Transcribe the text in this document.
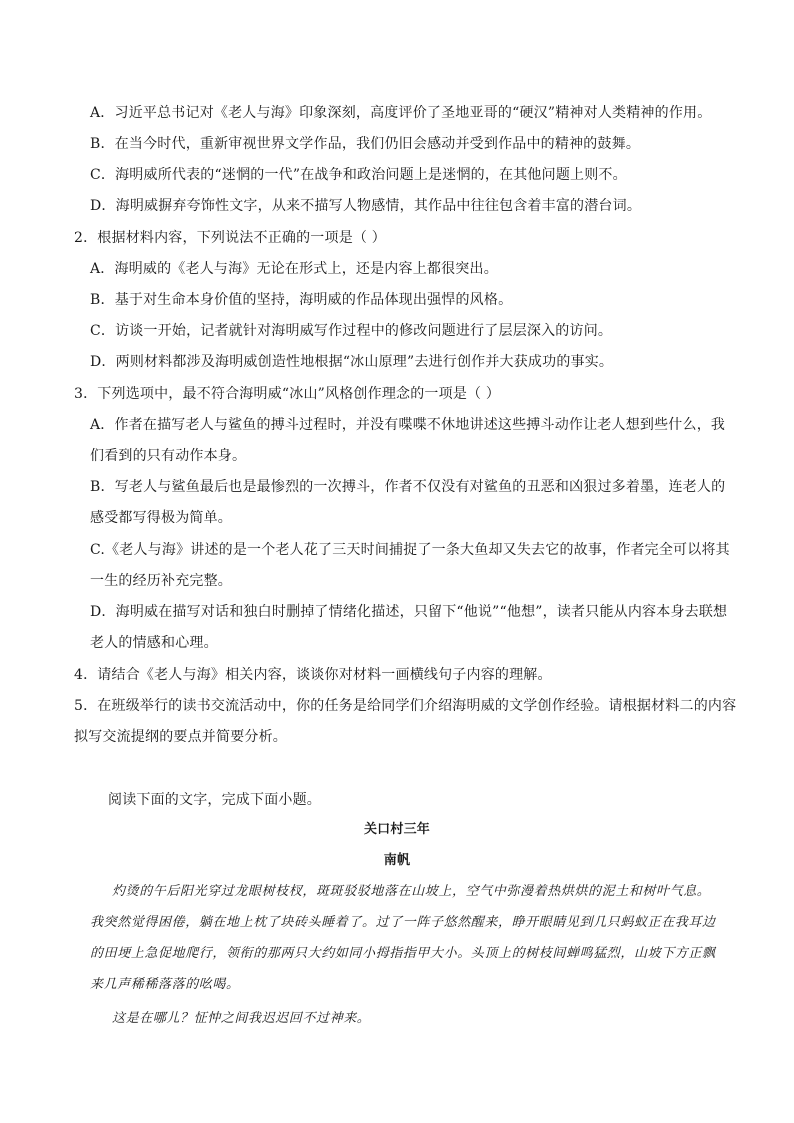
A．习近平总书记对《老人与海》印象深刻，高度评价了圣地亚哥的“硬汉”精神对人类精神的作用。
B．在当今时代，重新审视世界文学作品，我们仍旧会感动并受到作品中的精神的鼓舞。
C．海明威所代表的“迷惘的一代”在战争和政治问题上是迷惘的，在其他问题上则不。
D．海明威摒弃夸饰性文字，从来不描写人物感情，其作品中往往包含着丰富的潜台词。
2．根据材料内容，下列说法不正确的一项是（ ）
A．海明威的《老人与海》无论在形式上，还是内容上都很突出。
B．基于对生命本身价值的坚持，海明威的作品体现出强悍的风格。
C．访谈一开始，记者就针对海明威写作过程中的修改问题进行了层层深入的访问。
D．两则材料都涉及海明威创造性地根据“冰山原理”去进行创作并大获成功的事实。
3．下列选项中，最不符合海明威“冰山”风格创作理念的一项是（ ）
A．作者在描写老人与鲨鱼的搏斗过程时，并没有喋喋不休地讲述这些搏斗动作让老人想到些什么，我
们看到的只有动作本身。
B．写老人与鲨鱼最后也是最惨烈的一次搏斗，作者不仅没有对鲨鱼的丑恶和凶狠过多着墨，连老人的
感受都写得极为简单。
C.《老人与海》讲述的是一个老人花了三天时间捕捉了一条大鱼却又失去它的故事，作者完全可以将其
一生的经历补充完整。
D．海明威在描写对话和独白时删掉了情绪化描述，只留下“他说”“他想”，读者只能从内容本身去联想
老人的情感和心理。
4．请结合《老人与海》相关内容，谈谈你对材料一画横线句子内容的理解。
5．在班级举行的读书交流活动中，你的任务是给同学们介绍海明威的文学创作经验。请根据材料二的内容
拟写交流提纲的要点并简要分析。
阅读下面的文字，完成下面小题。
关口村三年
南帆
灼烫的午后阳光穿过龙眼树枝杈，斑斑驳驳地落在山坡上，空气中弥漫着热烘烘的泥土和树叶气息。
我突然觉得困倦，躺在地上枕了块砖头睡着了。过了一阵子悠然醒来，睁开眼睛见到几只蚂蚁正在我耳边
的田埂上急促地爬行，领衔的那两只大约如同小拇指指甲大小。头顶上的树枝间蝉鸣猛烈，山坡下方正飘
来几声稀稀落落的吆喝。
这是在哪儿？怔忡之间我迟迟回不过神来。
